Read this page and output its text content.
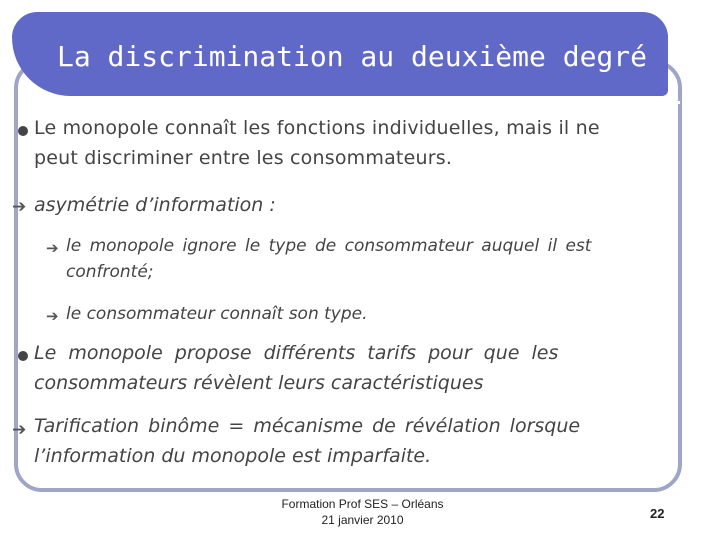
La discrimination au deuxième degré
Le monopole connaît les fonctions individuelles, mais il ne
peut discriminer entre les consommateurs.
➔ asymétrie d’information :
➔ le monopole ignore le type de consommateur auquel il est
confronté;
➔ le consommateur connaît son type.
Le monopole propose différents tarifs pour que les
consommateurs révèlent leurs caractéristiques
➔ Tarification binôme = mécanisme de révélation lorsque
l’information du monopole est imparfaite.
Formation Prof SES – Orléans
21 janvier 2010	22
